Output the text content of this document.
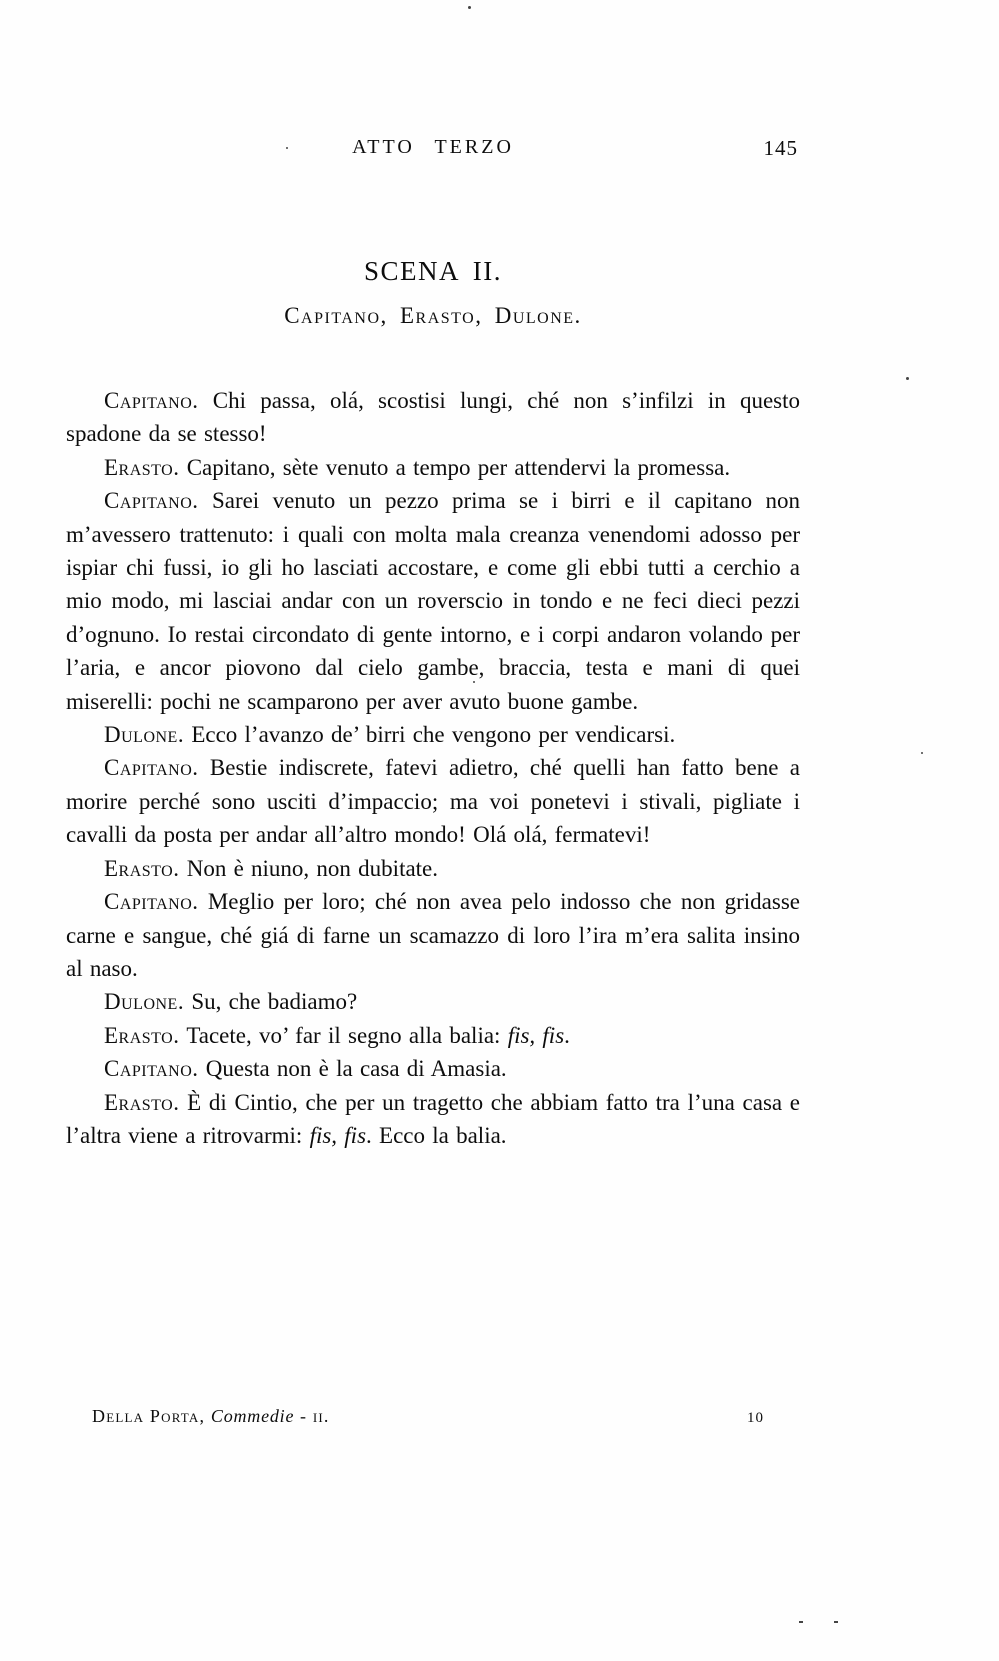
ATTO TERZO	145
SCENA II.
Capitano, Erasto, Dulone.

Capitano. Chi passa, olá, scostisi lungi, ché non s’infilzi in questo spadone da se stesso!

Erasto. Capitano, sète venuto a tempo per attendervi la promessa.

Capitano. Sarei venuto un pezzo prima se i birri e il capitano non m’avessero trattenuto: i quali con molta mala creanza venendomi adosso per ispiar chi fussi, io gli ho lasciati accostare, e come gli ebbi tutti a cerchio a mio modo, mi lasciai andar con un roverscio in tondo e ne feci dieci pezzi d’ognuno. Io restai circondato di gente intorno, e i corpi andaron volando per l’aria, e ancor piovono dal cielo gambe, braccia, testa e mani di quei miserelli: pochi ne scamparono per aver avuto buone gambe.

Dulone. Ecco l’avanzo de’ birri che vengono per vendicarsi.

Capitano. Bestie indiscrete, fatevi adietro, ché quelli han fatto bene a morire perché sono usciti d’impaccio; ma voi ponetevi i stivali, pigliate i cavalli da posta per andar all’altro mondo! Olá olá, fermatevi!

Erasto. Non è niuno, non dubitate.

Capitano. Meglio per loro; ché non avea pelo indosso che non gridasse carne e sangue, ché giá di farne un scamazzo di loro l’ira m’era salita insino al naso.

Dulone. Su, che badiamo?

Erasto. Tacete, vo’ far il segno alla balia: fis, fis.

Capitano. Questa non è la casa di Amasia.

Erasto. È di Cintio, che per un tragetto che abbiam fatto tra l’una casa e l’altra viene a ritrovarmi: fis, fis. Ecco la balia.

Della Porta, Commedie - ii.	10
